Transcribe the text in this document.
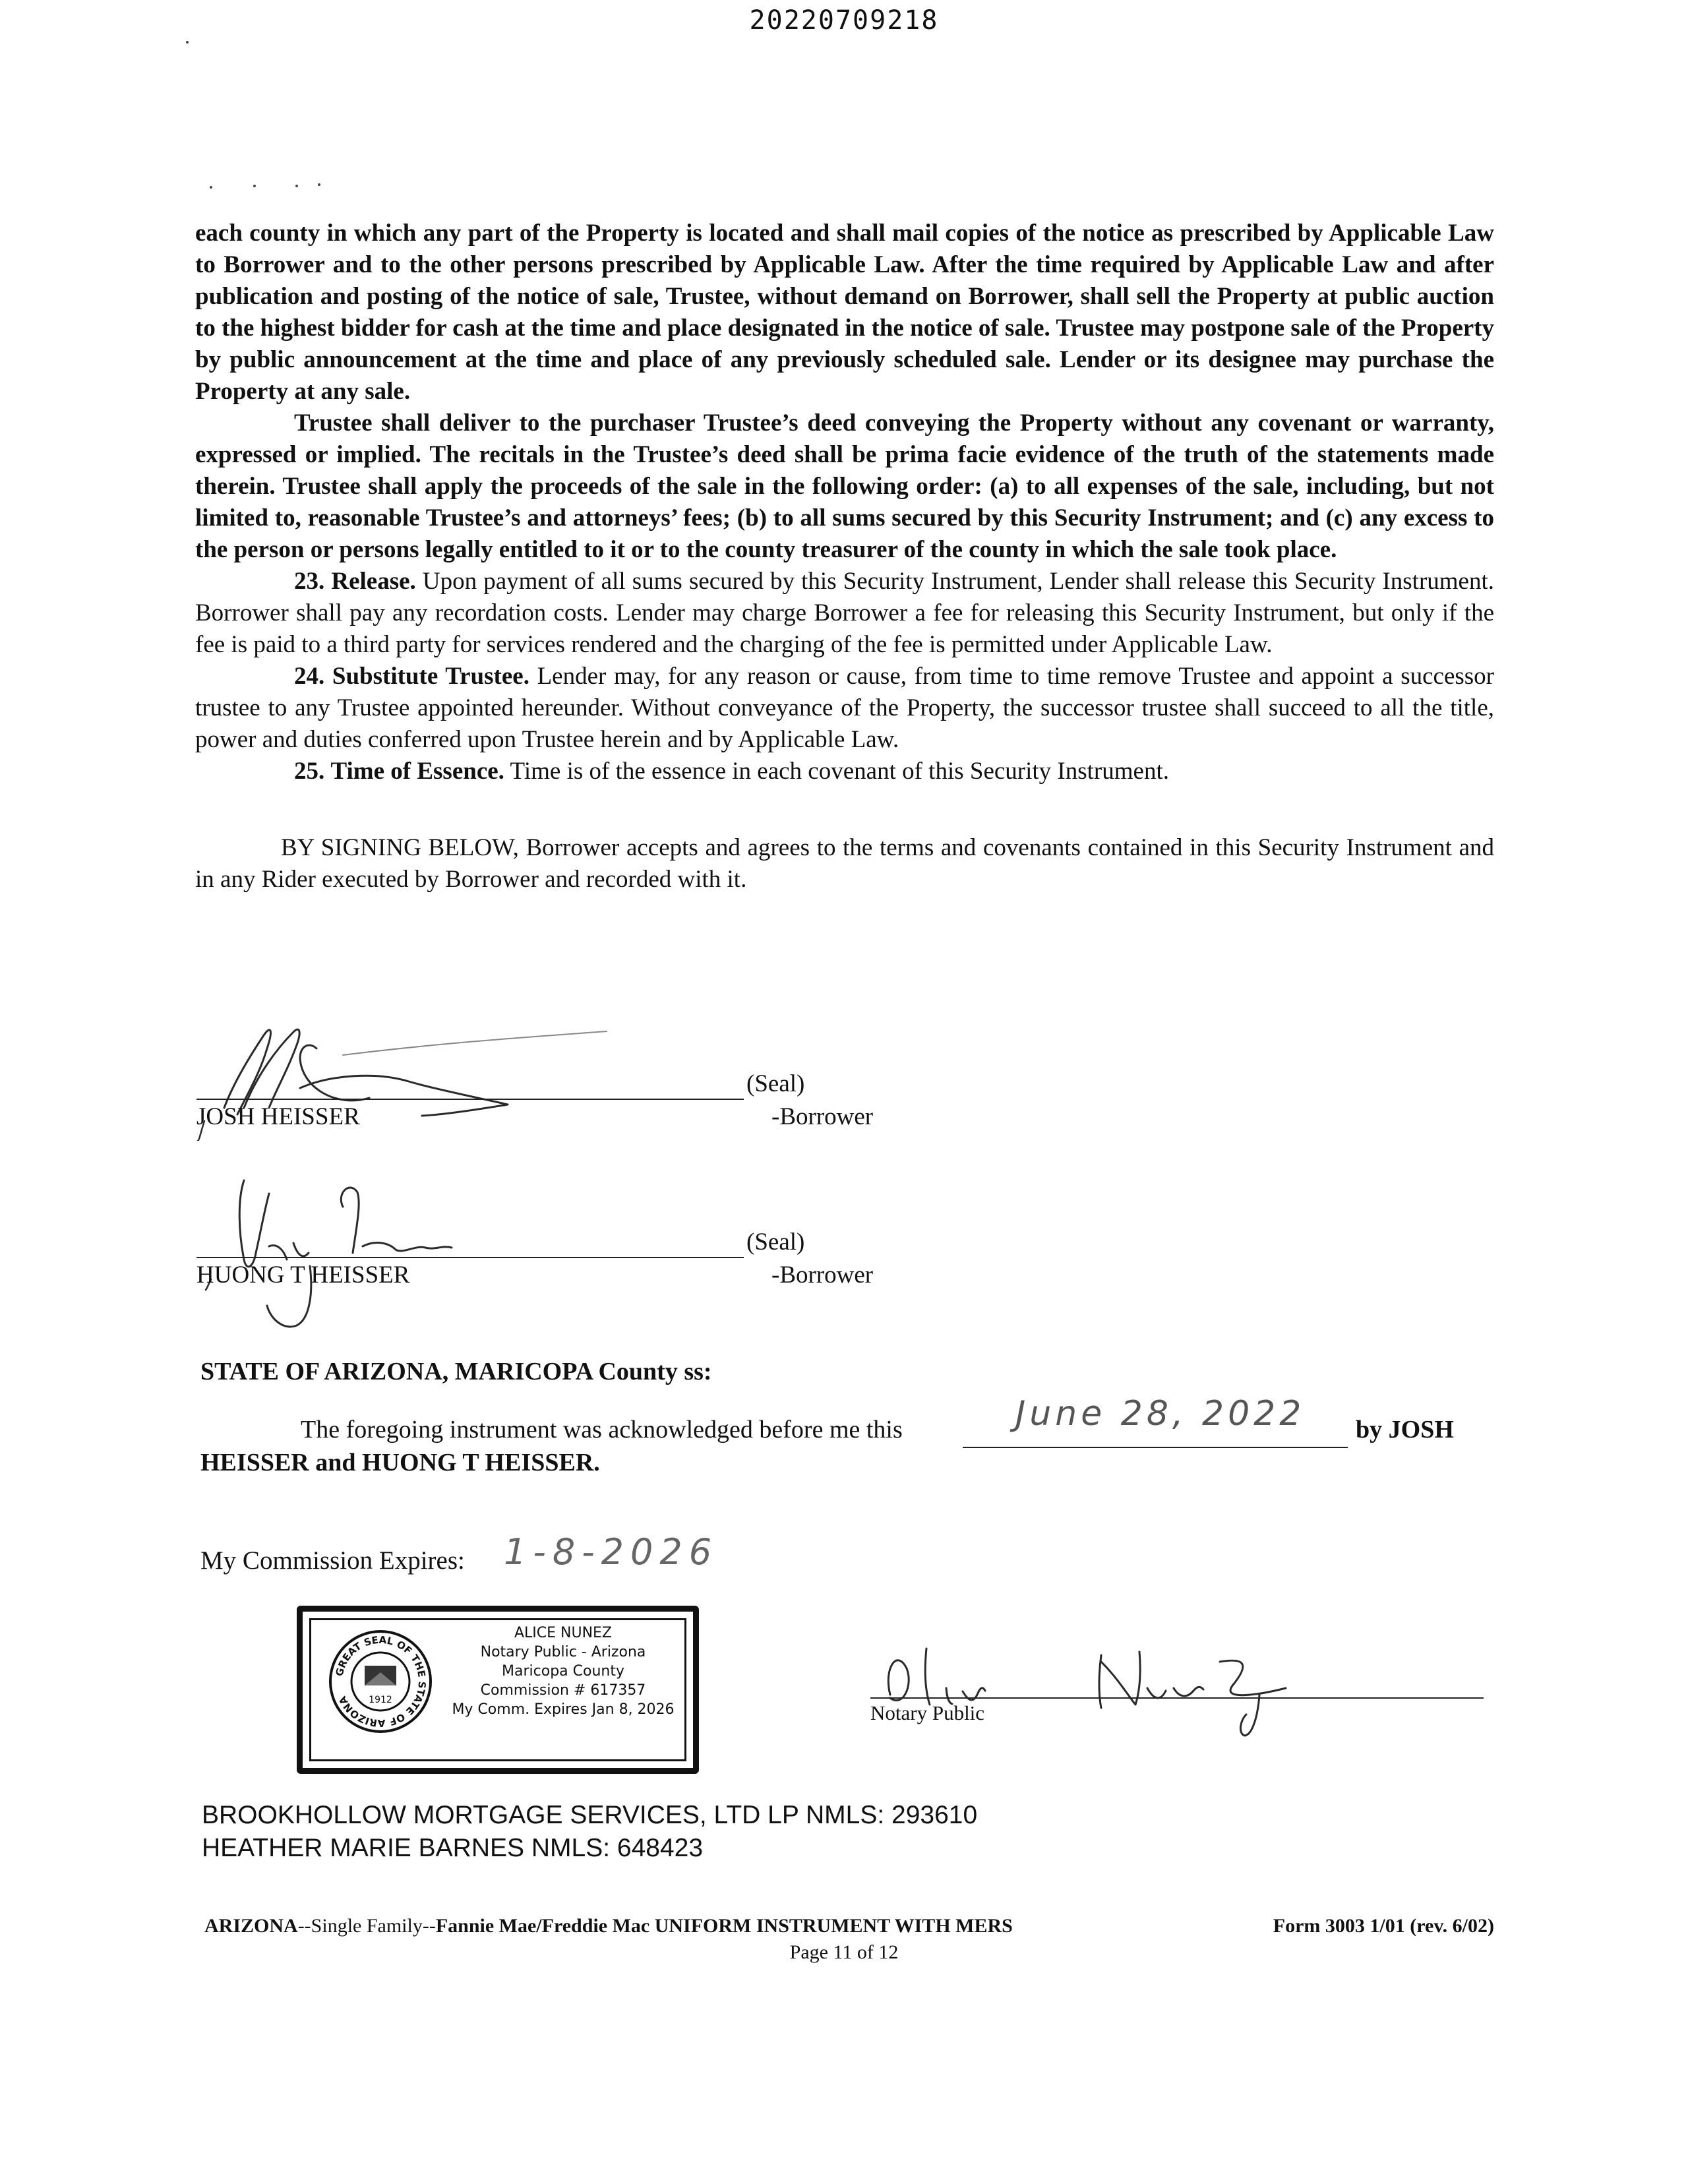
20220709218

each county in which any part of the Property is located and shall mail copies of the notice as prescribed by Applicable Law to Borrower and to the other persons prescribed by Applicable Law. After the time required by Applicable Law and after publication and posting of the notice of sale, Trustee, without demand on Borrower, shall sell the Property at public auction to the highest bidder for cash at the time and place designated in the notice of sale. Trustee may postpone sale of the Property by public announcement at the time and place of any previously scheduled sale. Lender or its designee may purchase the Property at any sale.

Trustee shall deliver to the purchaser Trustee’s deed conveying the Property without any covenant or warranty, expressed or implied. The recitals in the Trustee’s deed shall be prima facie evidence of the truth of the statements made therein. Trustee shall apply the proceeds of the sale in the following order: (a) to all expenses of the sale, including, but not limited to, reasonable Trustee’s and attorneys’ fees; (b) to all sums secured by this Security Instrument; and (c) any excess to the person or persons legally entitled to it or to the county treasurer of the county in which the sale took place.

23. Release. Upon payment of all sums secured by this Security Instrument, Lender shall release this Security Instrument. Borrower shall pay any recordation costs. Lender may charge Borrower a fee for releasing this Security Instrument, but only if the fee is paid to a third party for services rendered and the charging of the fee is permitted under Applicable Law.

24. Substitute Trustee. Lender may, for any reason or cause, from time to time remove Trustee and appoint a successor trustee to any Trustee appointed hereunder. Without conveyance of the Property, the successor trustee shall succeed to all the title, power and duties conferred upon Trustee herein and by Applicable Law.

25. Time of Essence. Time is of the essence in each covenant of this Security Instrument.

BY SIGNING BELOW, Borrower accepts and agrees to the terms and covenants contained in this Security Instrument and in any Rider executed by Borrower and recorded with it.

(Seal)
-Borrower
JOSH HEISSER
(Seal)
-Borrower
HUONG T HEISSER
STATE OF ARIZONA, MARICOPA County ss:
The foregoing instrument was acknowledged before me this	June 28, 2022 by JOSH
HEISSER and HUONG T HEISSER.
My Commission Expires: 1-8-2026
GREAT SEAL OF THE STATE OF ARIZONA	1912
ALICE NUNEZ
Notary Public - Arizona
Maricopa County
Commission # 617357
My Comm. Expires Jan 8, 2026	Notary Public
BROOKHOLLOW MORTGAGE SERVICES, LTD LP NMLS: 293610
HEATHER MARIE BARNES NMLS: 648423
ARIZONA--Single Family--Fannie Mae/Freddie Mac UNIFORM INSTRUMENT WITH MERS	Form 3003 1/01 (rev. 6/02)
Page 11 of 12
